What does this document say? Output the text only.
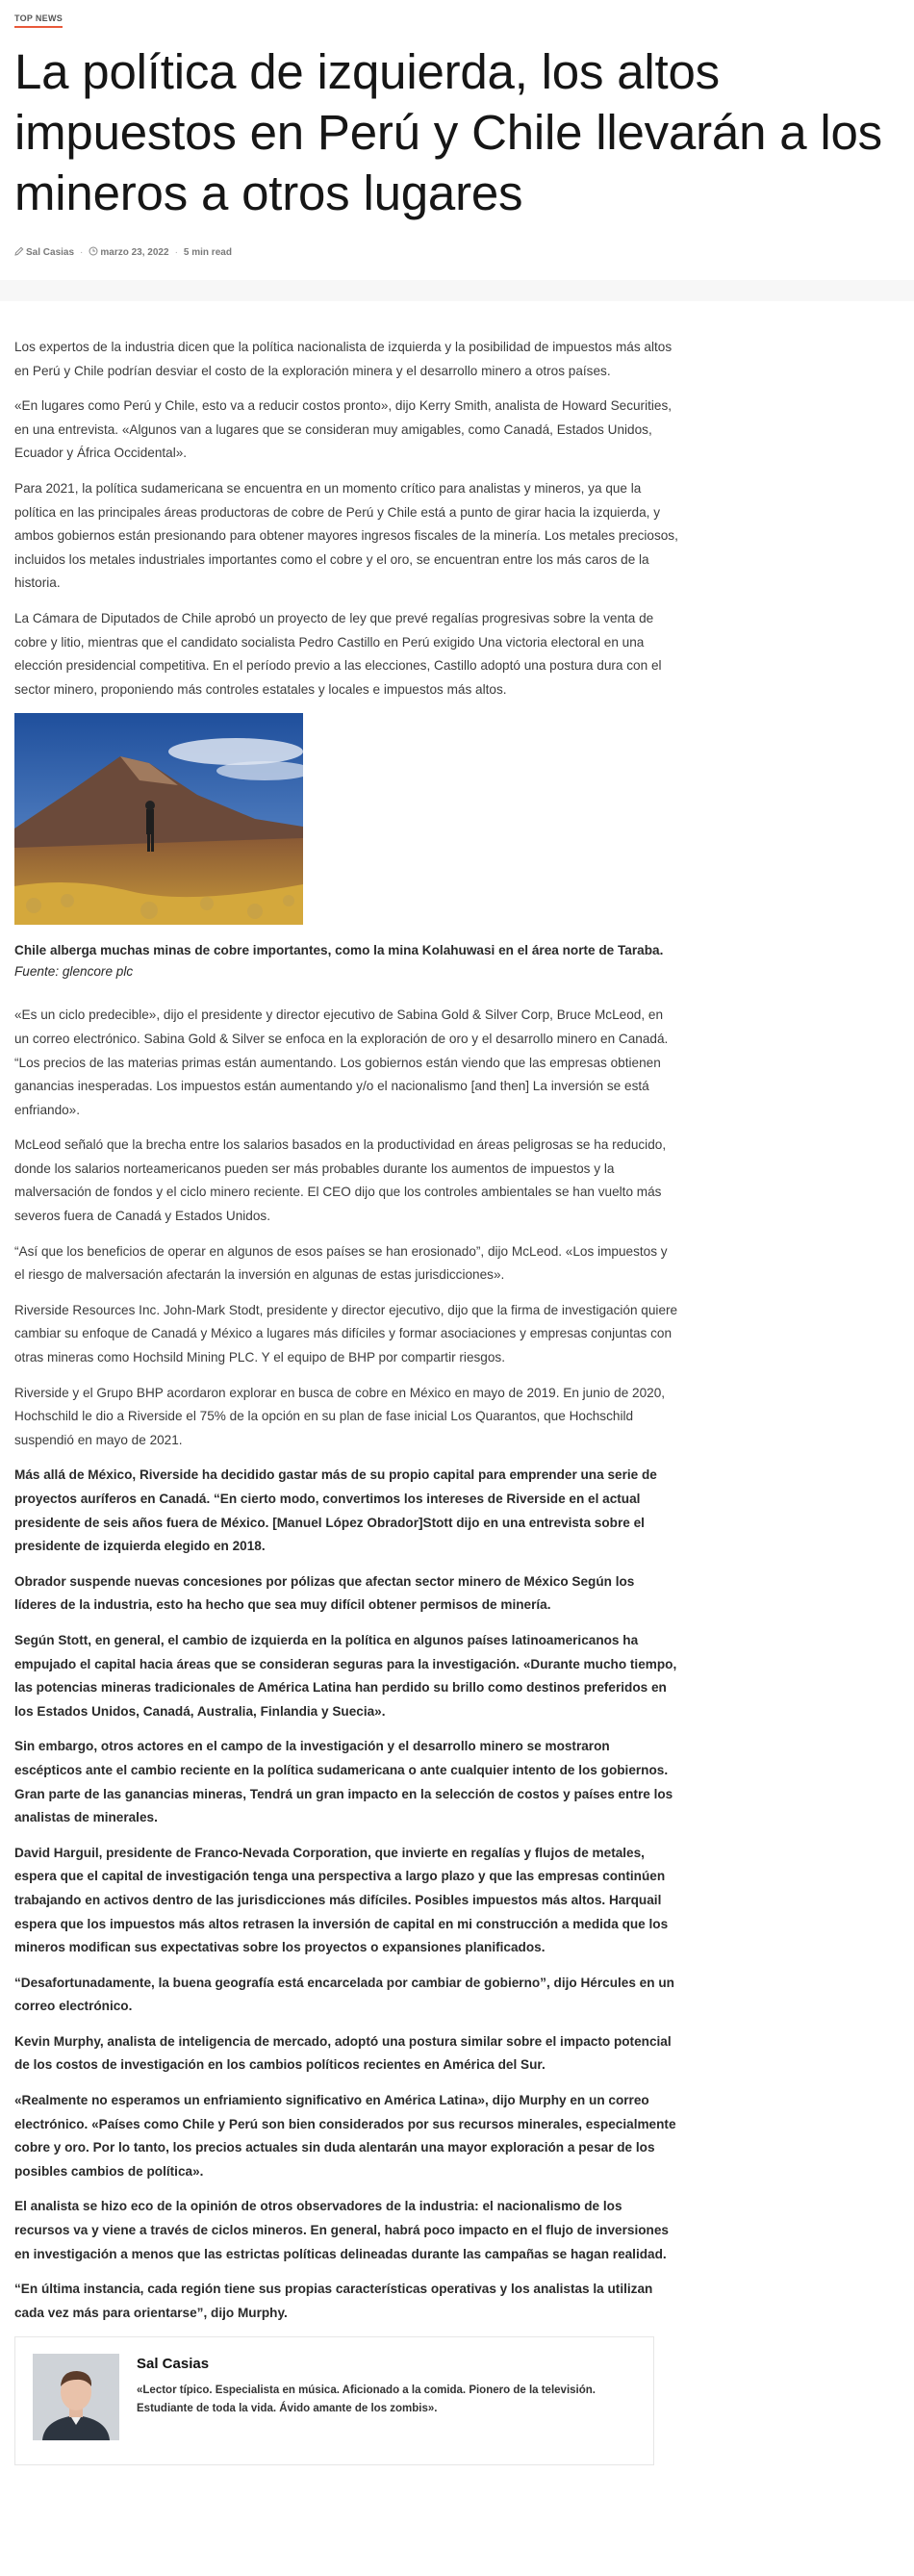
TOP NEWS
La política de izquierda, los altos impuestos en Perú y Chile llevarán a los mineros a otros lugares
Sal Casias ·	marzo 23, 2022 · 5 min read

Los expertos de la industria dicen que la política nacionalista de izquierda y la posibilidad de impuestos más altos en Perú y Chile podrían desviar el costo de la exploración minera y el desarrollo minero a otros países.

«En lugares como Perú y Chile, esto va a reducir costos pronto», dijo Kerry Smith, analista de Howard Securities, en una entrevista. «Algunos van a lugares que se consideran muy amigables, como Canadá, Estados Unidos, Ecuador y África Occidental».

Para 2021, la política sudamericana se encuentra en un momento crítico para analistas y mineros, ya que la política en las principales áreas productoras de cobre de Perú y Chile está a punto de girar hacia la izquierda, y ambos gobiernos están presionando para obtener mayores ingresos fiscales de la minería. Los metales preciosos, incluidos los metales industriales importantes como el cobre y el oro, se encuentran entre los más caros de la historia.

La Cámara de Diputados de Chile aprobó un proyecto de ley que prevé regalías progresivas sobre la venta de cobre y litio, mientras que el candidato socialista Pedro Castillo en Perú exigido Una victoria electoral en una elección presidencial competitiva. En el período previo a las elecciones, Castillo adoptó una postura dura con el sector minero, proponiendo más controles estatales y locales e impuestos más altos.

Chile alberga muchas minas de cobre importantes, como la mina Kolahuwasi en el área norte de Taraba.
Fuente: glencore plc

«Es un ciclo predecible», dijo el presidente y director ejecutivo de Sabina Gold & Silver Corp, Bruce McLeod, en un correo electrónico. Sabina Gold & Silver se enfoca en la exploración de oro y el desarrollo minero en Canadá. “Los precios de las materias primas están aumentando. Los gobiernos están viendo que las empresas obtienen ganancias inesperadas. Los impuestos están aumentando y/o el nacionalismo [and then] La inversión se está enfriando».

McLeod señaló que la brecha entre los salarios basados en la productividad en áreas peligrosas se ha reducido, donde los salarios norteamericanos pueden ser más probables durante los aumentos de impuestos y la malversación de fondos y el ciclo minero reciente. El CEO dijo que los controles ambientales se han vuelto más severos fuera de Canadá y Estados Unidos.

“Así que los beneficios de operar en algunos de esos países se han erosionado”, dijo McLeod. «Los impuestos y el riesgo de malversación afectarán la inversión en algunas de estas jurisdicciones».

Riverside Resources Inc. John-Mark Stodt, presidente y director ejecutivo, dijo que la firma de investigación quiere cambiar su enfoque de Canadá y México a lugares más difíciles y formar asociaciones y empresas conjuntas con otras mineras como Hochsild Mining PLC. Y el equipo de BHP por compartir riesgos.

Riverside y el Grupo BHP acordaron explorar en busca de cobre en México en mayo de 2019. En junio de 2020, Hochschild le dio a Riverside el 75% de la opción en su plan de fase inicial Los Quarantos, que Hochschild suspendió en mayo de 2021.

Más allá de México, Riverside ha decidido gastar más de su propio capital para emprender una serie de proyectos auríferos en Canadá. “En cierto modo, convertimos los intereses de Riverside en el actual presidente de seis años fuera de México. [Manuel López Obrador]Stott dijo en una entrevista sobre el presidente de izquierda elegido en 2018.

Obrador suspende nuevas concesiones por pólizas que afectan sector minero de México Según los líderes de la industria, esto ha hecho que sea muy difícil obtener permisos de minería.

Según Stott, en general, el cambio de izquierda en la política en algunos países latinoamericanos ha empujado el capital hacia áreas que se consideran seguras para la investigación. «Durante mucho tiempo, las potencias mineras tradicionales de América Latina han perdido su brillo como destinos preferidos en los Estados Unidos, Canadá, Australia, Finlandia y Suecia».

Sin embargo, otros actores en el campo de la investigación y el desarrollo minero se mostraron escépticos ante el cambio reciente en la política sudamericana o ante cualquier intento de los gobiernos. Gran parte de las ganancias mineras, Tendrá un gran impacto en la selección de costos y países entre los analistas de minerales.

David Harguil, presidente de Franco-Nevada Corporation, que invierte en regalías y flujos de metales, espera que el capital de investigación tenga una perspectiva a largo plazo y que las empresas continúen trabajando en activos dentro de las jurisdicciones más difíciles. Posibles impuestos más altos. Harquail espera que los impuestos más altos retrasen la inversión de capital en mi construcción a medida que los mineros modifican sus expectativas sobre los proyectos o expansiones planificados.

“Desafortunadamente, la buena geografía está encarcelada por cambiar de gobierno”, dijo Hércules en un correo electrónico.

Kevin Murphy, analista de inteligencia de mercado, adoptó una postura similar sobre el impacto potencial de los costos de investigación en los cambios políticos recientes en América del Sur.

«Realmente no esperamos un enfriamiento significativo en América Latina», dijo Murphy en un correo electrónico. «Países como Chile y Perú son bien considerados por sus recursos minerales, especialmente cobre y oro. Por lo tanto, los precios actuales sin duda alentarán una mayor exploración a pesar de los posibles cambios de política».

El analista se hizo eco de la opinión de otros observadores de la industria: el nacionalismo de los recursos va y viene a través de ciclos mineros. En general, habrá poco impacto en el flujo de inversiones en investigación a menos que las estrictas políticas delineadas durante las campañas se hagan realidad.

“En última instancia, cada región tiene sus propias características operativas y los analistas la utilizan cada vez más para orientarse”, dijo Murphy.

Sal Casias
«Lector típico. Especialista en música. Aficionado a la comida. Pionero de la televisión. Estudiante de toda la vida. Ávido amante de los zombis».
